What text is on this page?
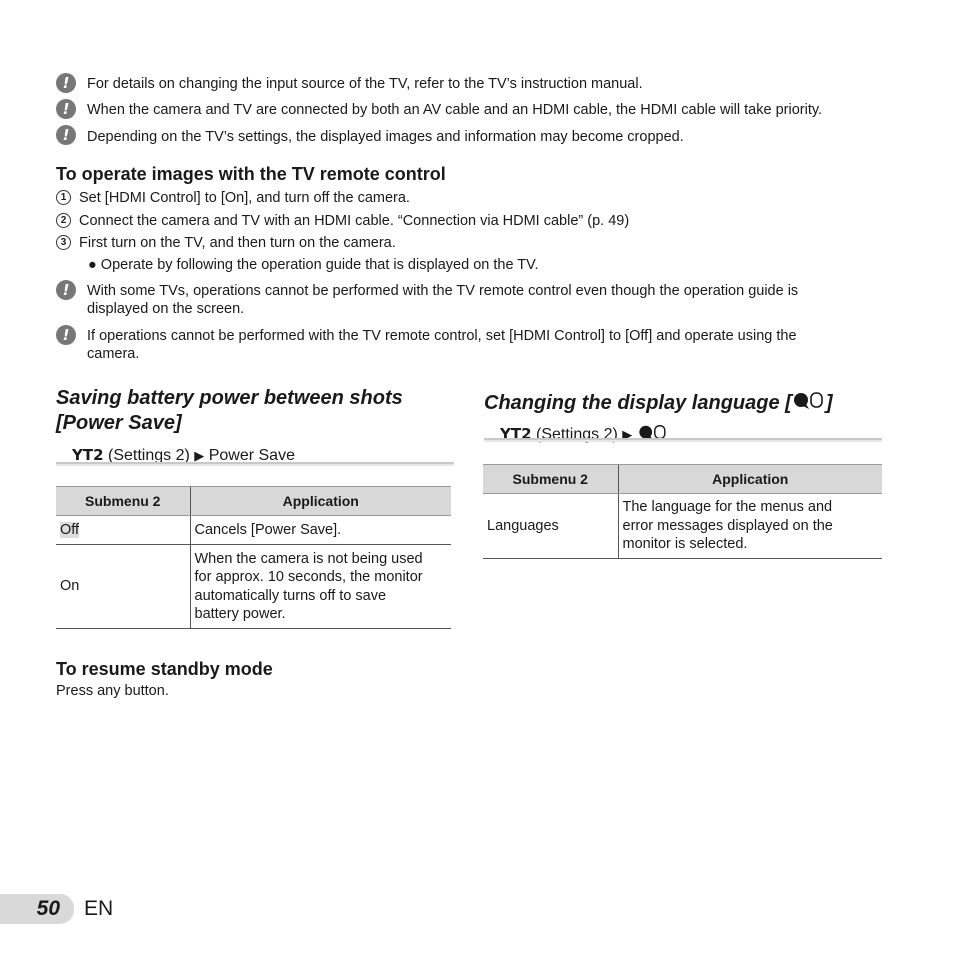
!	For details on changing the input source of the TV, refer to the TV’s instruction manual.
!	When the camera and TV are connected by both an AV cable and an HDMI cable, the HDMI cable will take priority.
!	Depending on the TV’s settings, the displayed images and information may become cropped.
To operate images with the TV remote control
1 Set [HDMI Control] to [On], and turn off the camera.
2 Connect the camera and TV with an HDMI cable. “Connection via HDMI cable” (p. 49)
3 First turn on the TV, and then turn on the camera.
● Operate by following the operation guide that is displayed on the TV.
!	With some TVs, operations cannot be performed with the TV remote control even though the operation guide is
displayed on the screen.
!	If operations cannot be performed with the TV remote control, set [HDMI Control] to [Off] and operate using the
camera.
Saving battery power between shots
[Power Save]
YT2 (Settings 2) ▶ Power Save
Submenu 2	Application
Off	Cancels [Power Save].
On	When the camera is not being used
for approx. 10 seconds, the monitor
automatically turns off to save
battery power.
To resume standby mode
Press any button.
Changing the display language [ ]
YT2 (Settings 2) ▶
Submenu 2	Application
Languages	The language for the menus and
error messages displayed on the
monitor is selected.
50	EN
